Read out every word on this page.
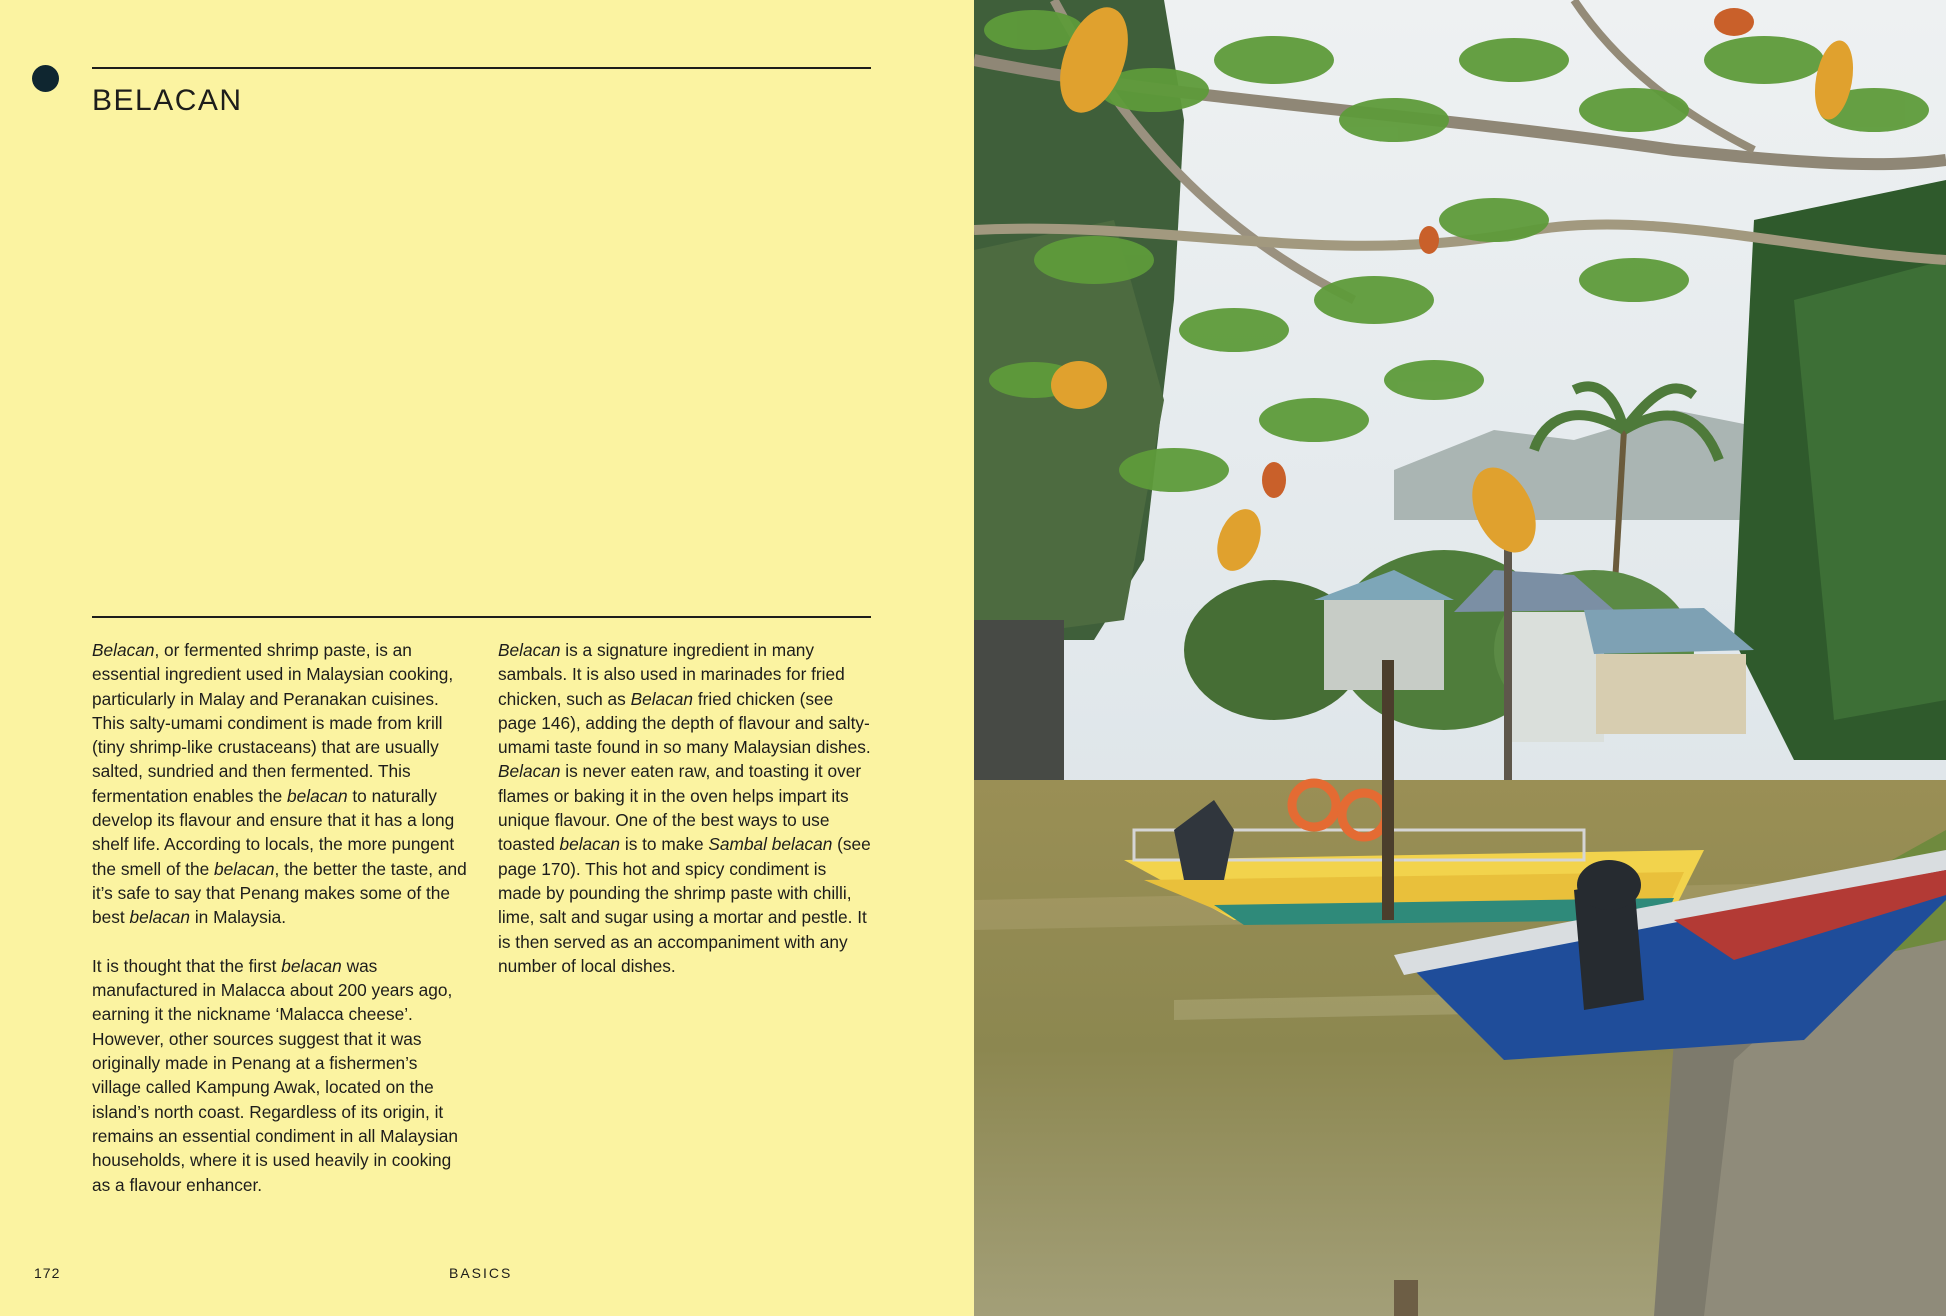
BELACAN

Belacan, or fermented shrimp paste, is an essential ingredient used in Malaysian cooking, particularly in Malay and Peranakan cuisines. This salty-umami condiment is made from krill (tiny shrimp-like crustaceans) that are usually salted, sundried and then fermented. This fermentation enables the belacan to naturally develop its flavour and ensure that it has a long shelf life. According to locals, the more pungent the smell of the belacan, the better the taste, and it’s safe to say that Penang makes some of the best belacan in Malaysia.

It is thought that the first belacan was manufactured in Malacca about 200 years ago, earning it the nickname ‘Malacca cheese’. However, other sources suggest that it was originally made in Penang at a fishermen’s village called Kampung Awak, located on the island’s north coast. Regardless of its origin, it remains an essential condiment in all Malaysian households, where it is used heavily in cooking as a flavour enhancer.

Belacan is a signature ingredient in many sambals. It is also used in marinades for fried chicken, such as Belacan fried chicken (see page 146), adding the depth of flavour and salty-umami taste found in so many Malaysian dishes. Belacan is never eaten raw, and toasting it over flames or baking it in the oven helps impart its unique flavour. One of the best ways to use toasted belacan is to make Sambal belacan (see page 170). This hot and spicy condiment is made by pounding the shrimp paste with chilli, lime, salt and sugar using a mortar and pestle. It is then served as an accompaniment with any number of local dishes.

172	BASICS
